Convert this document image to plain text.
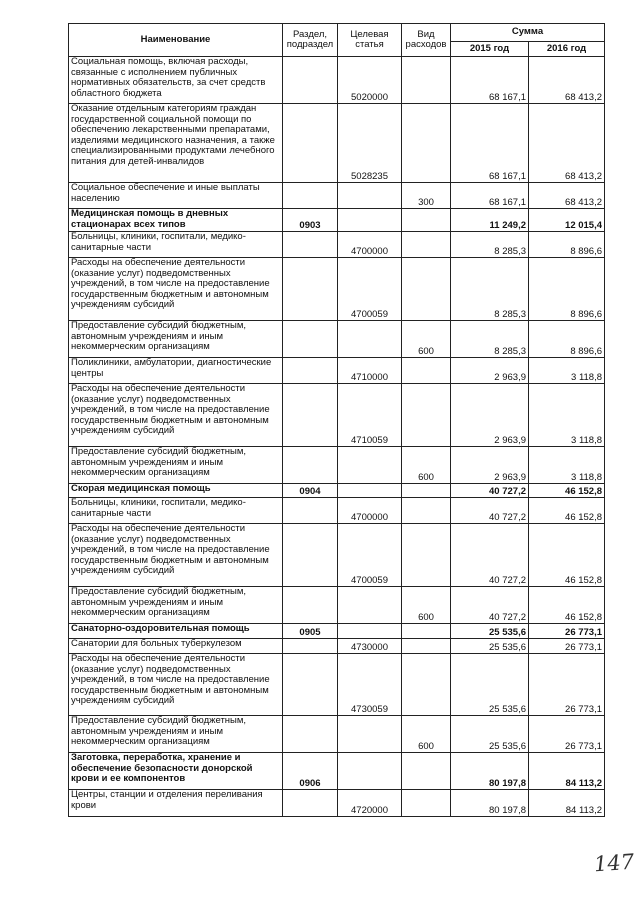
Наименование	Раздел, подраздел	Целевая статья	Вид расходов	Сумма	
				2015 год	2016 год
Социальная помощь, включая расходы, связанные с исполнением публичных нормативных обязательств, за счет средств областного бюджета		5020000		68 167,1	68 413,2
Оказание отдельным категориям граждан государственной социальной помощи по обеспечению лекарственными препаратами, изделиями медицинского назначения, а также специализированными продуктами лечебного питания для детей-инвалидов		5028235		68 167,1	68 413,2
Социальное обеспечение и иные выплаты населению			300	68 167,1	68 413,2
Медицинская помощь в дневных стационарах всех типов	0903			11 249,2	12 015,4
Больницы, клиники, госпитали, медико-санитарные части		4700000		8 285,3	8 896,6
Расходы на обеспечение деятельности (оказание услуг) подведомственных учреждений, в том числе на предоставление государственным бюджетным и автономным учреждениям субсидий		4700059		8 285,3	8 896,6
Предоставление субсидий бюджетным, автономным учреждениям и иным некоммерческим организациям			600	8 285,3	8 896,6
Поликлиники, амбулатории, диагностические центры		4710000		2 963,9	3 118,8
Расходы на обеспечение деятельности (оказание услуг) подведомственных учреждений, в том числе на предоставление государственным бюджетным и автономным учреждениям субсидий		4710059		2 963,9	3 118,8
Предоставление субсидий бюджетным, автономным учреждениям и иным некоммерческим организациям			600	2 963,9	3 118,8
Скорая медицинская помощь	0904			40 727,2	46 152,8
Больницы, клиники, госпитали, медико-санитарные части		4700000		40 727,2	46 152,8
Расходы на обеспечение деятельности (оказание услуг) подведомственных учреждений, в том числе на предоставление государственным бюджетным и автономным учреждениям субсидий		4700059		40 727,2	46 152,8
Предоставление субсидий бюджетным, автономным учреждениям и иным некоммерческим организациям			600	40 727,2	46 152,8
Санаторно-оздоровительная помощь	0905			25 535,6	26 773,1
Санатории для больных туберкулезом		4730000		25 535,6	26 773,1
Расходы на обеспечение деятельности (оказание услуг) подведомственных учреждений, в том числе на предоставление государственным бюджетным и автономным учреждениям субсидий		4730059		25 535,6	26 773,1
Предоставление субсидий бюджетным, автономным учреждениям и иным некоммерческим организациям			600	25 535,6	26 773,1
Заготовка, переработка, хранение и обеспечение безопасности донорской крови и ее компонентов	0906			80 197,8	84 113,2
Центры, станции и отделения переливания крови		4720000		80 197,8	84 113,2
147
